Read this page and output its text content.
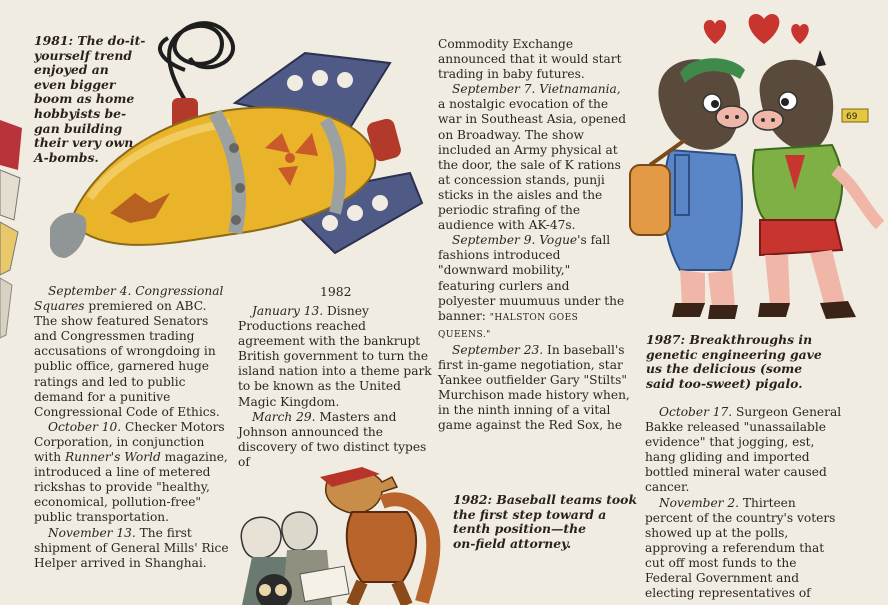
69
1981: The do-it-
yourself trend
enjoyed an
even bigger
boom as home
hobbyists be-
gan building
their very own
A-bombs.
1987: Breakthroughs in
genetic engineering gave
us the delicious (some
said too-sweet) pigalo.
1982: Baseball teams took
the first step toward a
tenth position—the
on-field attorney.

September 4. Congressional Squares premiered on ABC. The show featured Senators and Congressmen trading accusations of wrongdoing in public office, garnered huge ratings and led to public demand for a punitive Congressional Code of Ethics.

October 10. Checker Motors Corporation, in conjunction with Runner's World magazine, introduced a line of metered rickshas to provide "healthy, economical, pollution-free" public transportation.

November 13. The first shipment of General Mills' Rice Helper arrived in Shanghai.

1982

January 13. Disney Productions reached agreement with the bankrupt British government to turn the island nation into a theme park to be known as the United Magic Kingdom.

March 29. Masters and Johnson announced the discovery of two distinct types of

Commodity Exchange announced that it would start trading in baby futures.

September 7. Vietnamania, a nostalgic evocation of the war in Southeast Asia, opened on Broadway. The show included an Army physical at the door, the sale of K rations at concession stands, punji sticks in the aisles and the periodic strafing of the audience with AK-47s.

September 9. Vogue's fall fashions introduced "downward mobility," featuring curlers and polyester muumuus under the banner: "HALSTON GOES QUEENS."

September 23. In baseball's first in-game negotiation, star Yankee outfielder Gary "Stilts" Murchison made history when, in the ninth inning of a vital game against the Red Sox, he

October 17. Surgeon General Bakke released "unassailable evidence" that jogging, est, hang gliding and imported bottled mineral water caused cancer.

November 2. Thirteen percent of the country's voters showed up at the polls, approving a referendum that cut off most funds to the Federal Government and electing representatives of
